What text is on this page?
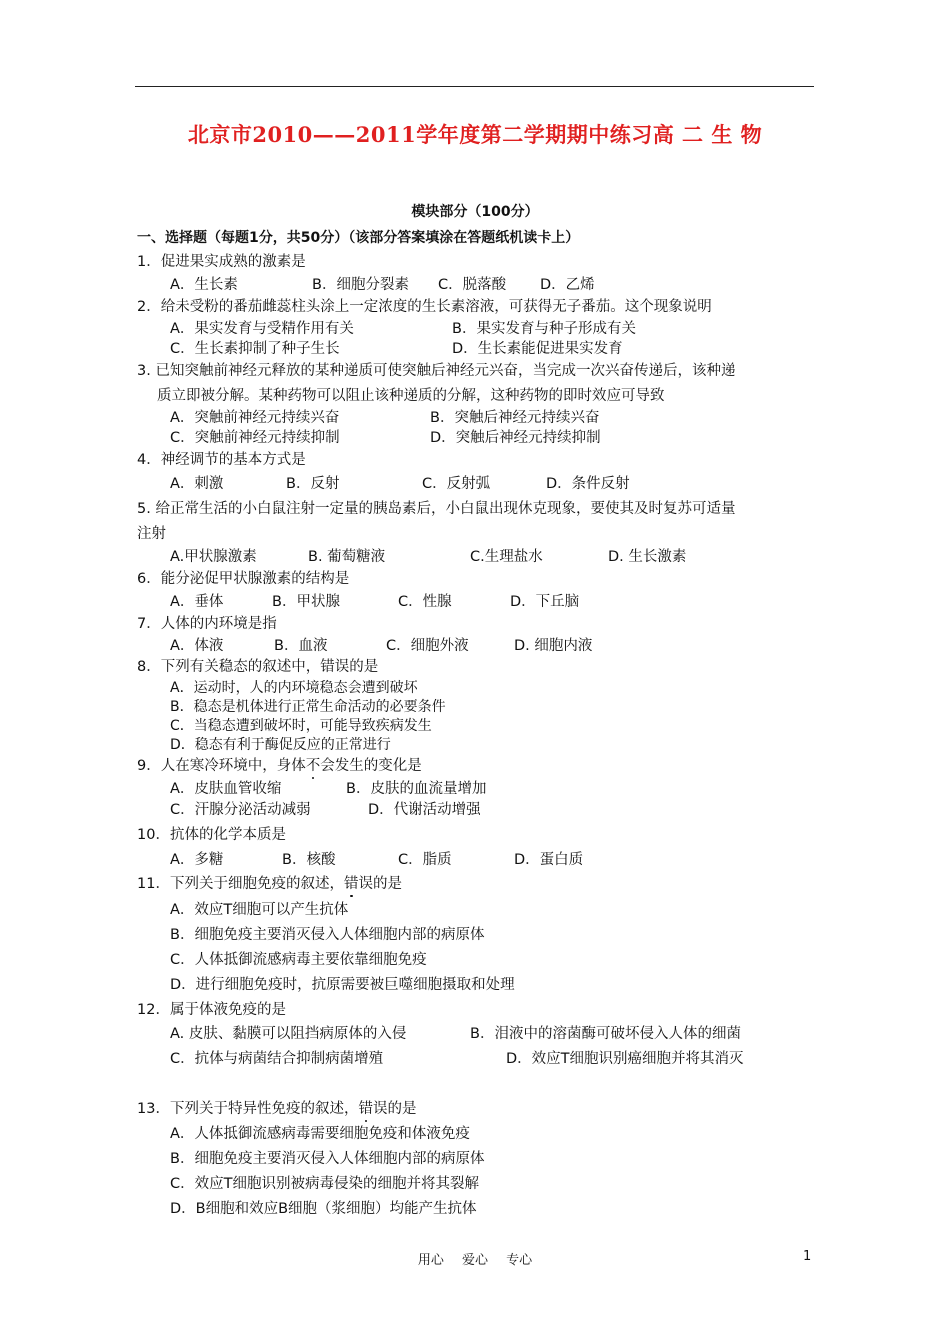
北京市2010——2011学年度第二学期期中练习高 二 生 物
模块部分（100分）
一、选择题（每题1分，共50分）（该部分答案填涂在答题纸机读卡上）
1．促进果实成熟的激素是
A．生长素	B．细胞分裂素 C．脱落酸 D．乙烯
2．给未受粉的番茄雌蕊柱头涂上一定浓度的生长素溶液，可获得无子番茄。这个现象说明
A．果实发育与受精作用有关	B．果实发育与种子形成有关
C．生长素抑制了种子生长	D．生长素能促进果实发育
3. 已知突触前神经元释放的某种递质可使突触后神经元兴奋，当完成一次兴奋传递后，该种递
质立即被分解。某种药物可以阻止该种递质的分解，这种药物的即时效应可导致
A．突触前神经元持续兴奋	B．突触后神经元持续兴奋
C．突触前神经元持续抑制	D．突触后神经元持续抑制
4．神经调节的基本方式是
A．刺激	B．反射	C．反射弧	D．条件反射
5. 给正常生活的小白鼠注射一定量的胰岛素后，小白鼠出现休克现象，要使其及时复苏可适量
注射
A.甲状腺激素	B. 葡萄糖液	C.生理盐水	D. 生长激素
6．能分泌促甲状腺激素的结构是
A．垂体	B．甲状腺	C．性腺	D．下丘脑
7．人体的内环境是指
A．体液	B．血液	C．细胞外液	D. 细胞内液
8．下列有关稳态的叙述中，错误的是
A．运动时，人的内环境稳态会遭到破坏
B．稳态是机体进行正常生命活动的必要条件
C．当稳态遭到破坏时，可能导致疾病发生
D．稳态有利于酶促反应的正常进行
9．人在寒冷环境中，身体不会发生的变化是
A．皮肤血管收缩	B．皮肤的血流量增加
C．汗腺分泌活动减弱	D．代谢活动增强
10．抗体的化学本质是
A．多糖	B．核酸	C．脂质	D．蛋白质
11．下列关于细胞免疫的叙述，错误的是
A．效应T细胞可以产生抗体
B．细胞免疫主要消灭侵入人体细胞内部的病原体
C．人体抵御流感病毒主要依靠细胞免疫
D．进行细胞免疫时，抗原需要被巨噬细胞摄取和处理
12．属于体液免疫的是
A. 皮肤、黏膜可以阻挡病原体的入侵	B．泪液中的溶菌酶可破坏侵入人体的细菌
C．抗体与病菌结合抑制病菌增殖	D．效应T细胞识别癌细胞并将其消灭
13．下列关于特异性免疫的叙述，错误的是
A．人体抵御流感病毒需要细胞免疫和体液免疫
B．细胞免疫主要消灭侵入人体细胞内部的病原体
C．效应T细胞识别被病毒侵染的细胞并将其裂解
D．B细胞和效应B细胞（浆细胞）均能产生抗体
用心 爱心 专心	1
